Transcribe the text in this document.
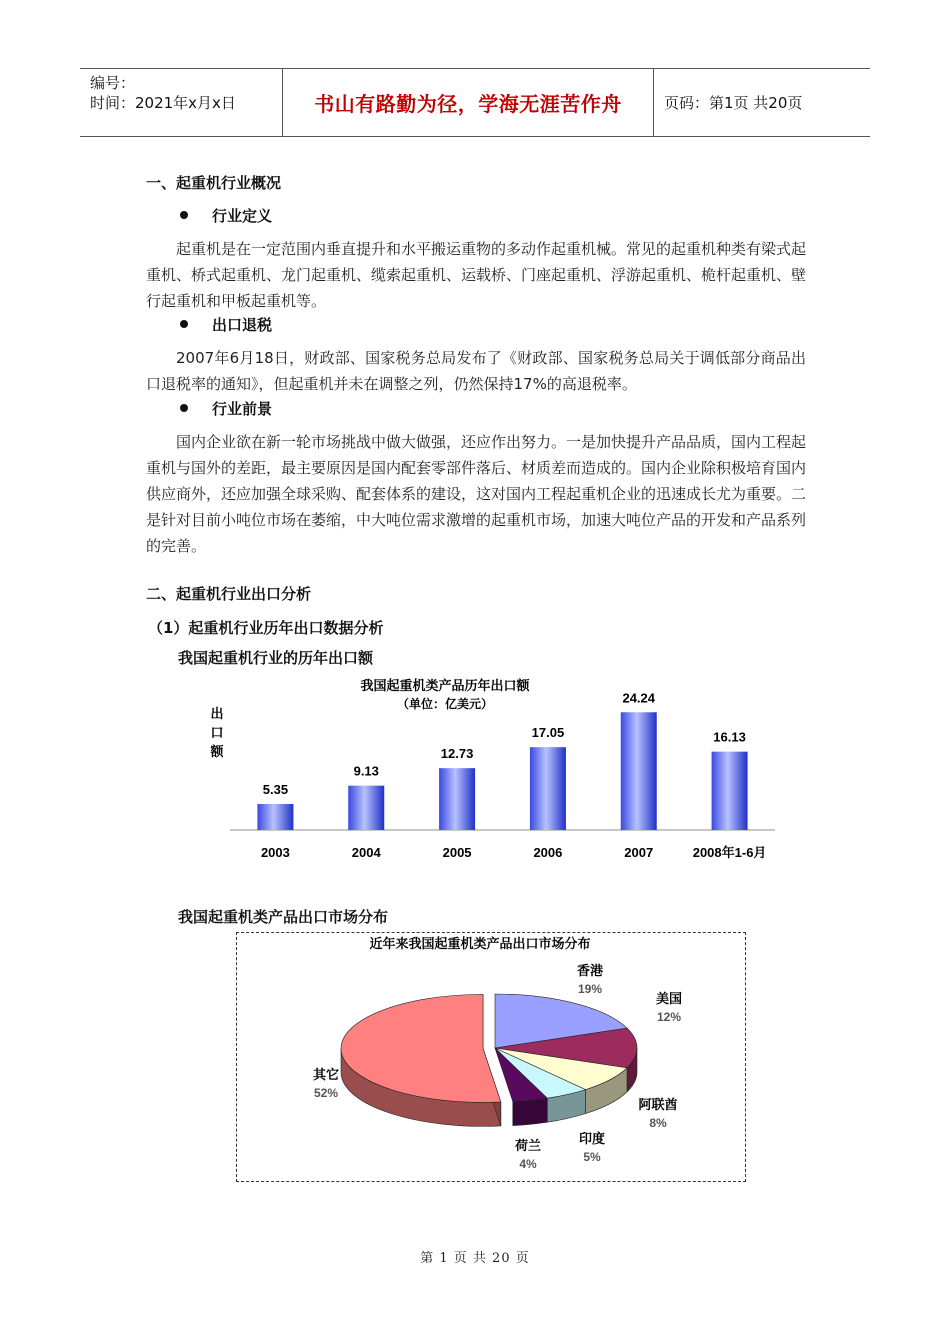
编号：
时间：2021年x月x日	书山有路勤为径，学海无涯苦作舟	页码：第1页 共20页
一、起重机行业概况
行业定义
起重机是在一定范围内垂直提升和水平搬运重物的多动作起重机械。常见的起重机种类有梁式起重机、桥式起重机、龙门起重机、缆索起重机、运载桥、门座起重机、浮游起重机、桅杆起重机、壁行起重机和甲板起重机等。
出口退税
2007年6月18日，财政部、国家税务总局发布了《财政部、国家税务总局关于调低部分商品出口退税率的通知》，但起重机并未在调整之列，仍然保持17%的高退税率。
行业前景
国内企业欲在新一轮市场挑战中做大做强，还应作出努力。一是加快提升产品品质，国内工程起重机与国外的差距，最主要原因是国内配套零部件落后、材质差而造成的。国内企业除积极培育国内供应商外，还应加强全球采购、配套体系的建设，这对国内工程起重机企业的迅速成长尤为重要。二是针对目前小吨位市场在萎缩，中大吨位需求激增的起重机市场，加速大吨位产品的开发和产品系列的完善。
二、起重机行业出口分析
（1）起重机行业历年出口数据分析
我国起重机行业的历年出口额
我国起重机类产品历年出口额
（单位：亿美元）
出
口
额
5.35
2003
9.13
2004
12.73
2005
17.05
2006
24.24
2007
16.13
2008年1-6月
我国起重机类产品出口市场分布
近年来我国起重机类产品出口市场分布
香港
19%
美国
12%
阿联酋
8%
印度
5%
荷兰
4%
其它
52%
第 1 页 共 20 页
